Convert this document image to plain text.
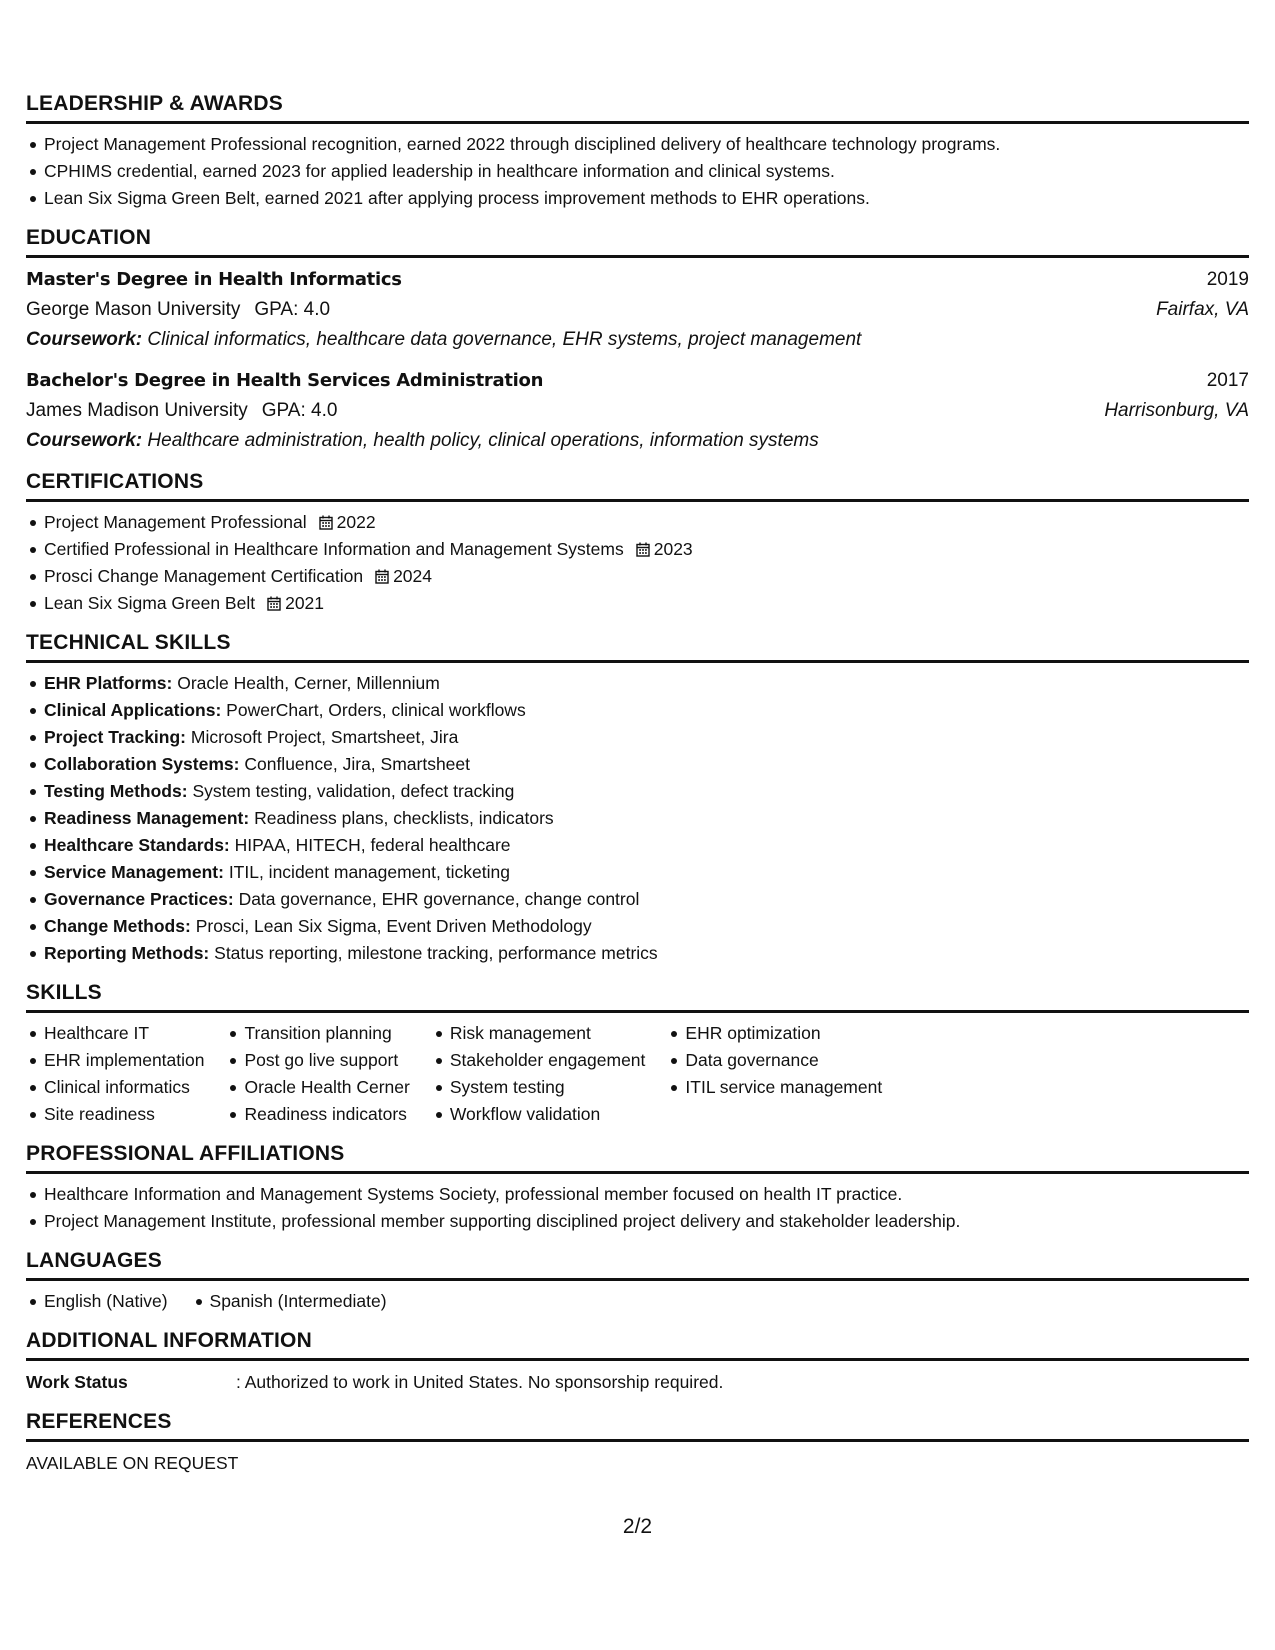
LEADERSHIP & AWARDS
Project Management Professional recognition, earned 2022 through disciplined delivery of healthcare technology programs.
CPHIMS credential, earned 2023 for applied leadership in healthcare information and clinical systems.
Lean Six Sigma Green Belt, earned 2021 after applying process improvement methods to EHR operations.
EDUCATION
Master's Degree in Health Informatics	2019
George Mason University GPA: 4.0	Fairfax, VA
Coursework: Clinical informatics, healthcare data governance, EHR systems, project management
Bachelor's Degree in Health Services Administration	2017
James Madison University GPA: 4.0	Harrisonburg, VA
Coursework: Healthcare administration, health policy, clinical operations, information systems
CERTIFICATIONS
Project Management Professional 2022
Certified Professional in Healthcare Information and Management Systems 2023
Prosci Change Management Certification 2024
Lean Six Sigma Green Belt 2021
TECHNICAL SKILLS
EHR Platforms: Oracle Health, Cerner, Millennium
Clinical Applications: PowerChart, Orders, clinical workflows
Project Tracking: Microsoft Project, Smartsheet, Jira
Collaboration Systems: Confluence, Jira, Smartsheet
Testing Methods: System testing, validation, defect tracking
Readiness Management: Readiness plans, checklists, indicators
Healthcare Standards: HIPAA, HITECH, federal healthcare
Service Management: ITIL, incident management, ticketing
Governance Practices: Data governance, EHR governance, change control
Change Methods: Prosci, Lean Six Sigma, Event Driven Methodology
Reporting Methods: Status reporting, milestone tracking, performance metrics
SKILLS
Healthcare IT
EHR implementation
Clinical informatics
Site readiness
Transition planning
Post go live support
Oracle Health Cerner
Readiness indicators
Risk management
Stakeholder engagement
System testing
Workflow validation
EHR optimization
Data governance
ITIL service management
PROFESSIONAL AFFILIATIONS
Healthcare Information and Management Systems Society, professional member focused on health IT practice.
Project Management Institute, professional member supporting disciplined project delivery and stakeholder leadership.
LANGUAGES
English (Native)	Spanish (Intermediate)
ADDITIONAL INFORMATION
Work Status	: Authorized to work in United States. No sponsorship required.
REFERENCES
AVAILABLE ON REQUEST
2/2
